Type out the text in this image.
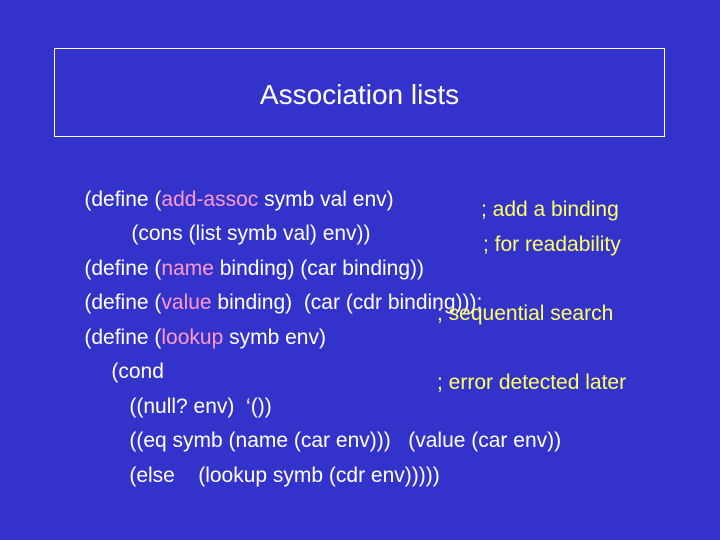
Association lists

(define (add-assoc symb val env)

(cons (list symb val) env))

; add a binding

(define (name binding) (car binding))

; for readability

(define (value binding)  (car (cdr binding)));

(define (lookup symb env)

; sequential search

(cond

((null? env)  ‘())

; error detected later

((eq symb (name (car env)))   (value (car env))

(else    (lookup symb (cdr env)))))
